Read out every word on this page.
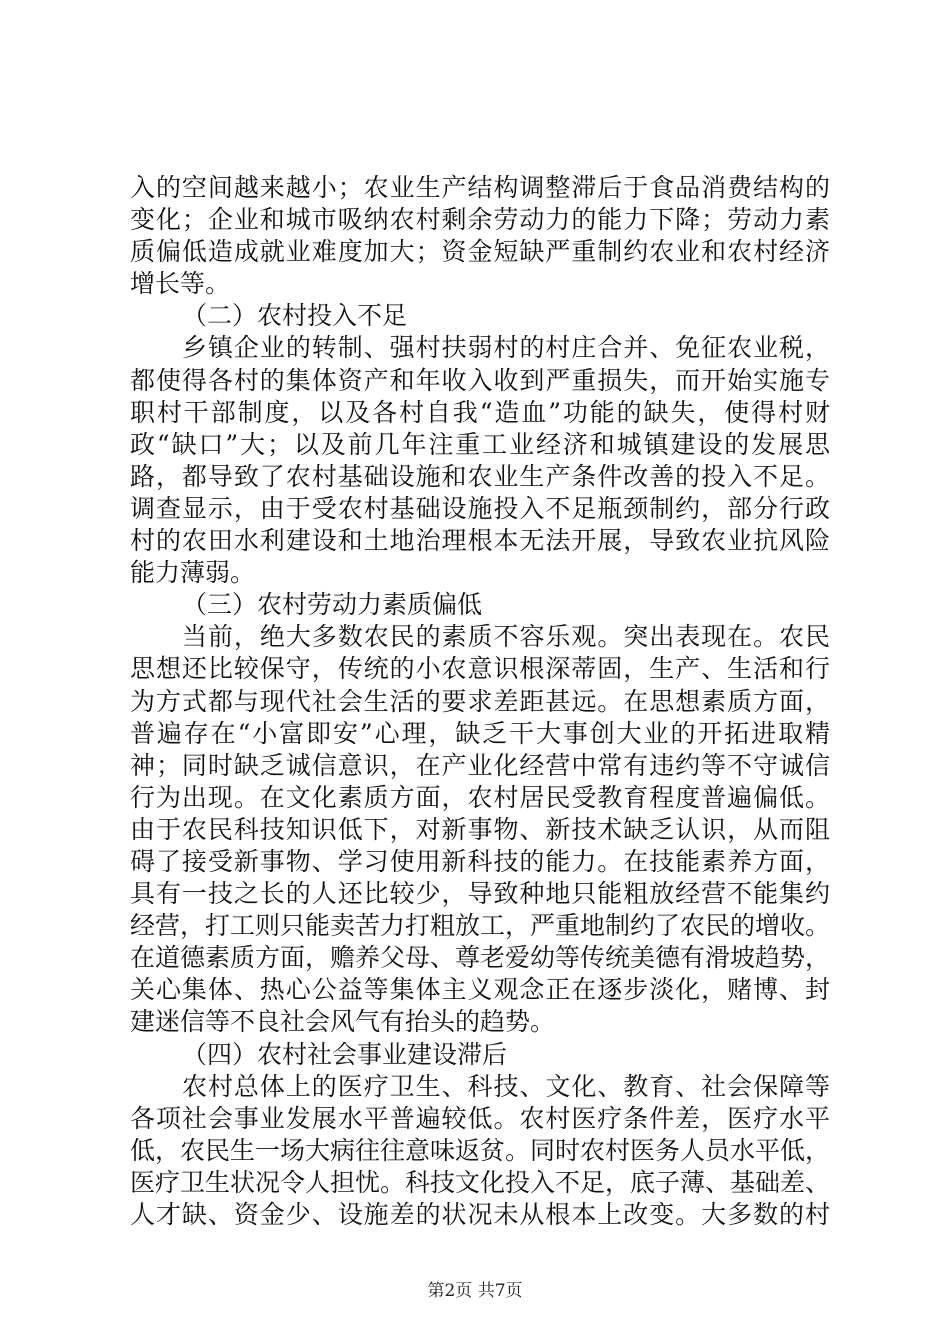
入的空间越来越小；农业生产结构调整滞后于食品消费结构的
变化；企业和城市吸纳农村剩余劳动力的能力下降；劳动力素
质偏低造成就业难度加大；资金短缺严重制约农业和农村经济
增长等。
（二）农村投入不足
乡镇企业的转制、强村扶弱村的村庄合并、免征农业税，
都使得各村的集体资产和年收入收到严重损失，而开始实施专
职村干部制度，以及各村自我“造血”功能的缺失，使得村财
政“缺口”大；以及前几年注重工业经济和城镇建设的发展思
路，都导致了农村基础设施和农业生产条件改善的投入不足。
调查显示，由于受农村基础设施投入不足瓶颈制约，部分行政
村的农田水利建设和土地治理根本无法开展，导致农业抗风险
能力薄弱。
（三）农村劳动力素质偏低
当前，绝大多数农民的素质不容乐观。突出表现在。农民
思想还比较保守，传统的小农意识根深蒂固，生产、生活和行
为方式都与现代社会生活的要求差距甚远。在思想素质方面，
普遍存在“小富即安”心理，缺乏干大事创大业的开拓进取精
神；同时缺乏诚信意识，在产业化经营中常有违约等不守诚信
行为出现。在文化素质方面，农村居民受教育程度普遍偏低。
由于农民科技知识低下，对新事物、新技术缺乏认识，从而阻
碍了接受新事物、学习使用新科技的能力。在技能素养方面，
具有一技之长的人还比较少，导致种地只能粗放经营不能集约
经营，打工则只能卖苦力打粗放工，严重地制约了农民的增收。
在道德素质方面，赡养父母、尊老爱幼等传统美德有滑坡趋势，
关心集体、热心公益等集体主义观念正在逐步淡化，赌博、封
建迷信等不良社会风气有抬头的趋势。
（四）农村社会事业建设滞后
农村总体上的医疗卫生、科技、文化、教育、社会保障等
各项社会事业发展水平普遍较低。农村医疗条件差，医疗水平
低，农民生一场大病往往意味返贫。同时农村医务人员水平低，
医疗卫生状况令人担忧。科技文化投入不足，底子薄、基础差、
人才缺、资金少、设施差的状况未从根本上改变。大多数的村
第2页 共7页
